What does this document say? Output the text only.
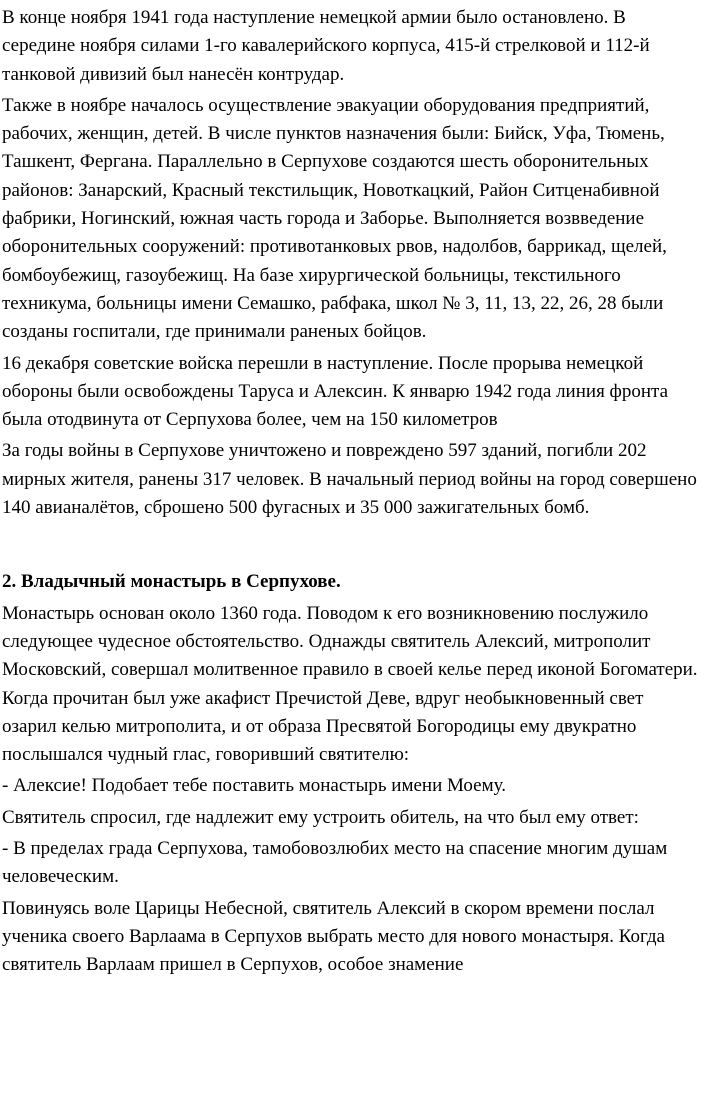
В конце ноября 1941 года наступление немецкой армии было остановлено. В середине ноября силами 1-го кавалерийского корпуса, 415-й стрелковой и 112-й танковой дивизий был нанесён контрудар.

Также в ноябре началось осуществление эвакуации оборудования предприятий, рабочих, женщин, детей. В числе пунктов назначения были: Бийск, Уфа, Тюмень, Ташкент, Фергана. Параллельно в Серпухове создаются шесть оборонительных районов: Занарский, Красный текстильщик, Новоткацкий, Район Ситценабивной фабрики, Ногинский, южная часть города и Заборье. Выполняется возвведение оборонительных сооружений: противотанковых рвов, надолбов, баррикад, щелей, бомбоубежищ, газоубежищ. На базе хирургической больницы, текстильного техникума, больницы имени Семашко, рабфака, школ № 3, 11, 13, 22, 26, 28 были созданы госпитали, где принимали раненых бойцов.

16 декабря советские войска перешли в наступление. После прорыва немецкой обороны были освобождены Таруса и Алексин. К январю 1942 года линия фронта была отодвинута от Серпухова более, чем на 150 километров

За годы войны в Серпухове уничтожено и повреждено 597 зданий, погибли 202 мирных жителя, ранены 317 человек. В начальный период войны на город совершено 140 авианалётов, сброшено 500 фугасных и 35 000 зажигательных бомб.

2. Владычный монастырь в Серпухове.

Монастырь основан около 1360 года. Поводом к его возникновению послужило следующее чудесное обстоятельство. Однажды святитель Алексий, митрополит Московский, совершал молитвенное правило в своей келье перед иконой Богоматери. Когда прочитан был уже акафист Пречистой Деве, вдруг необыкновенный свет озарил келью митрополита, и от образа Пресвятой Богородицы ему двукратно послышался чудный глас, говоривший святителю:

- Алексие! Подобает тебе поставить монастырь имени Моему.

Святитель спросил, где надлежит ему устроить обитель, на что был ему ответ:

- В пределах града Серпухова, тамобовозлюбих место на спасение многим душам человеческим.

Повинуясь воле Царицы Небесной, святитель Алексий в скором времени послал ученика своего Варлаама в Серпухов выбрать место для нового монастыря. Когда святитель Варлаам пришел в Серпухов, особое знамение
